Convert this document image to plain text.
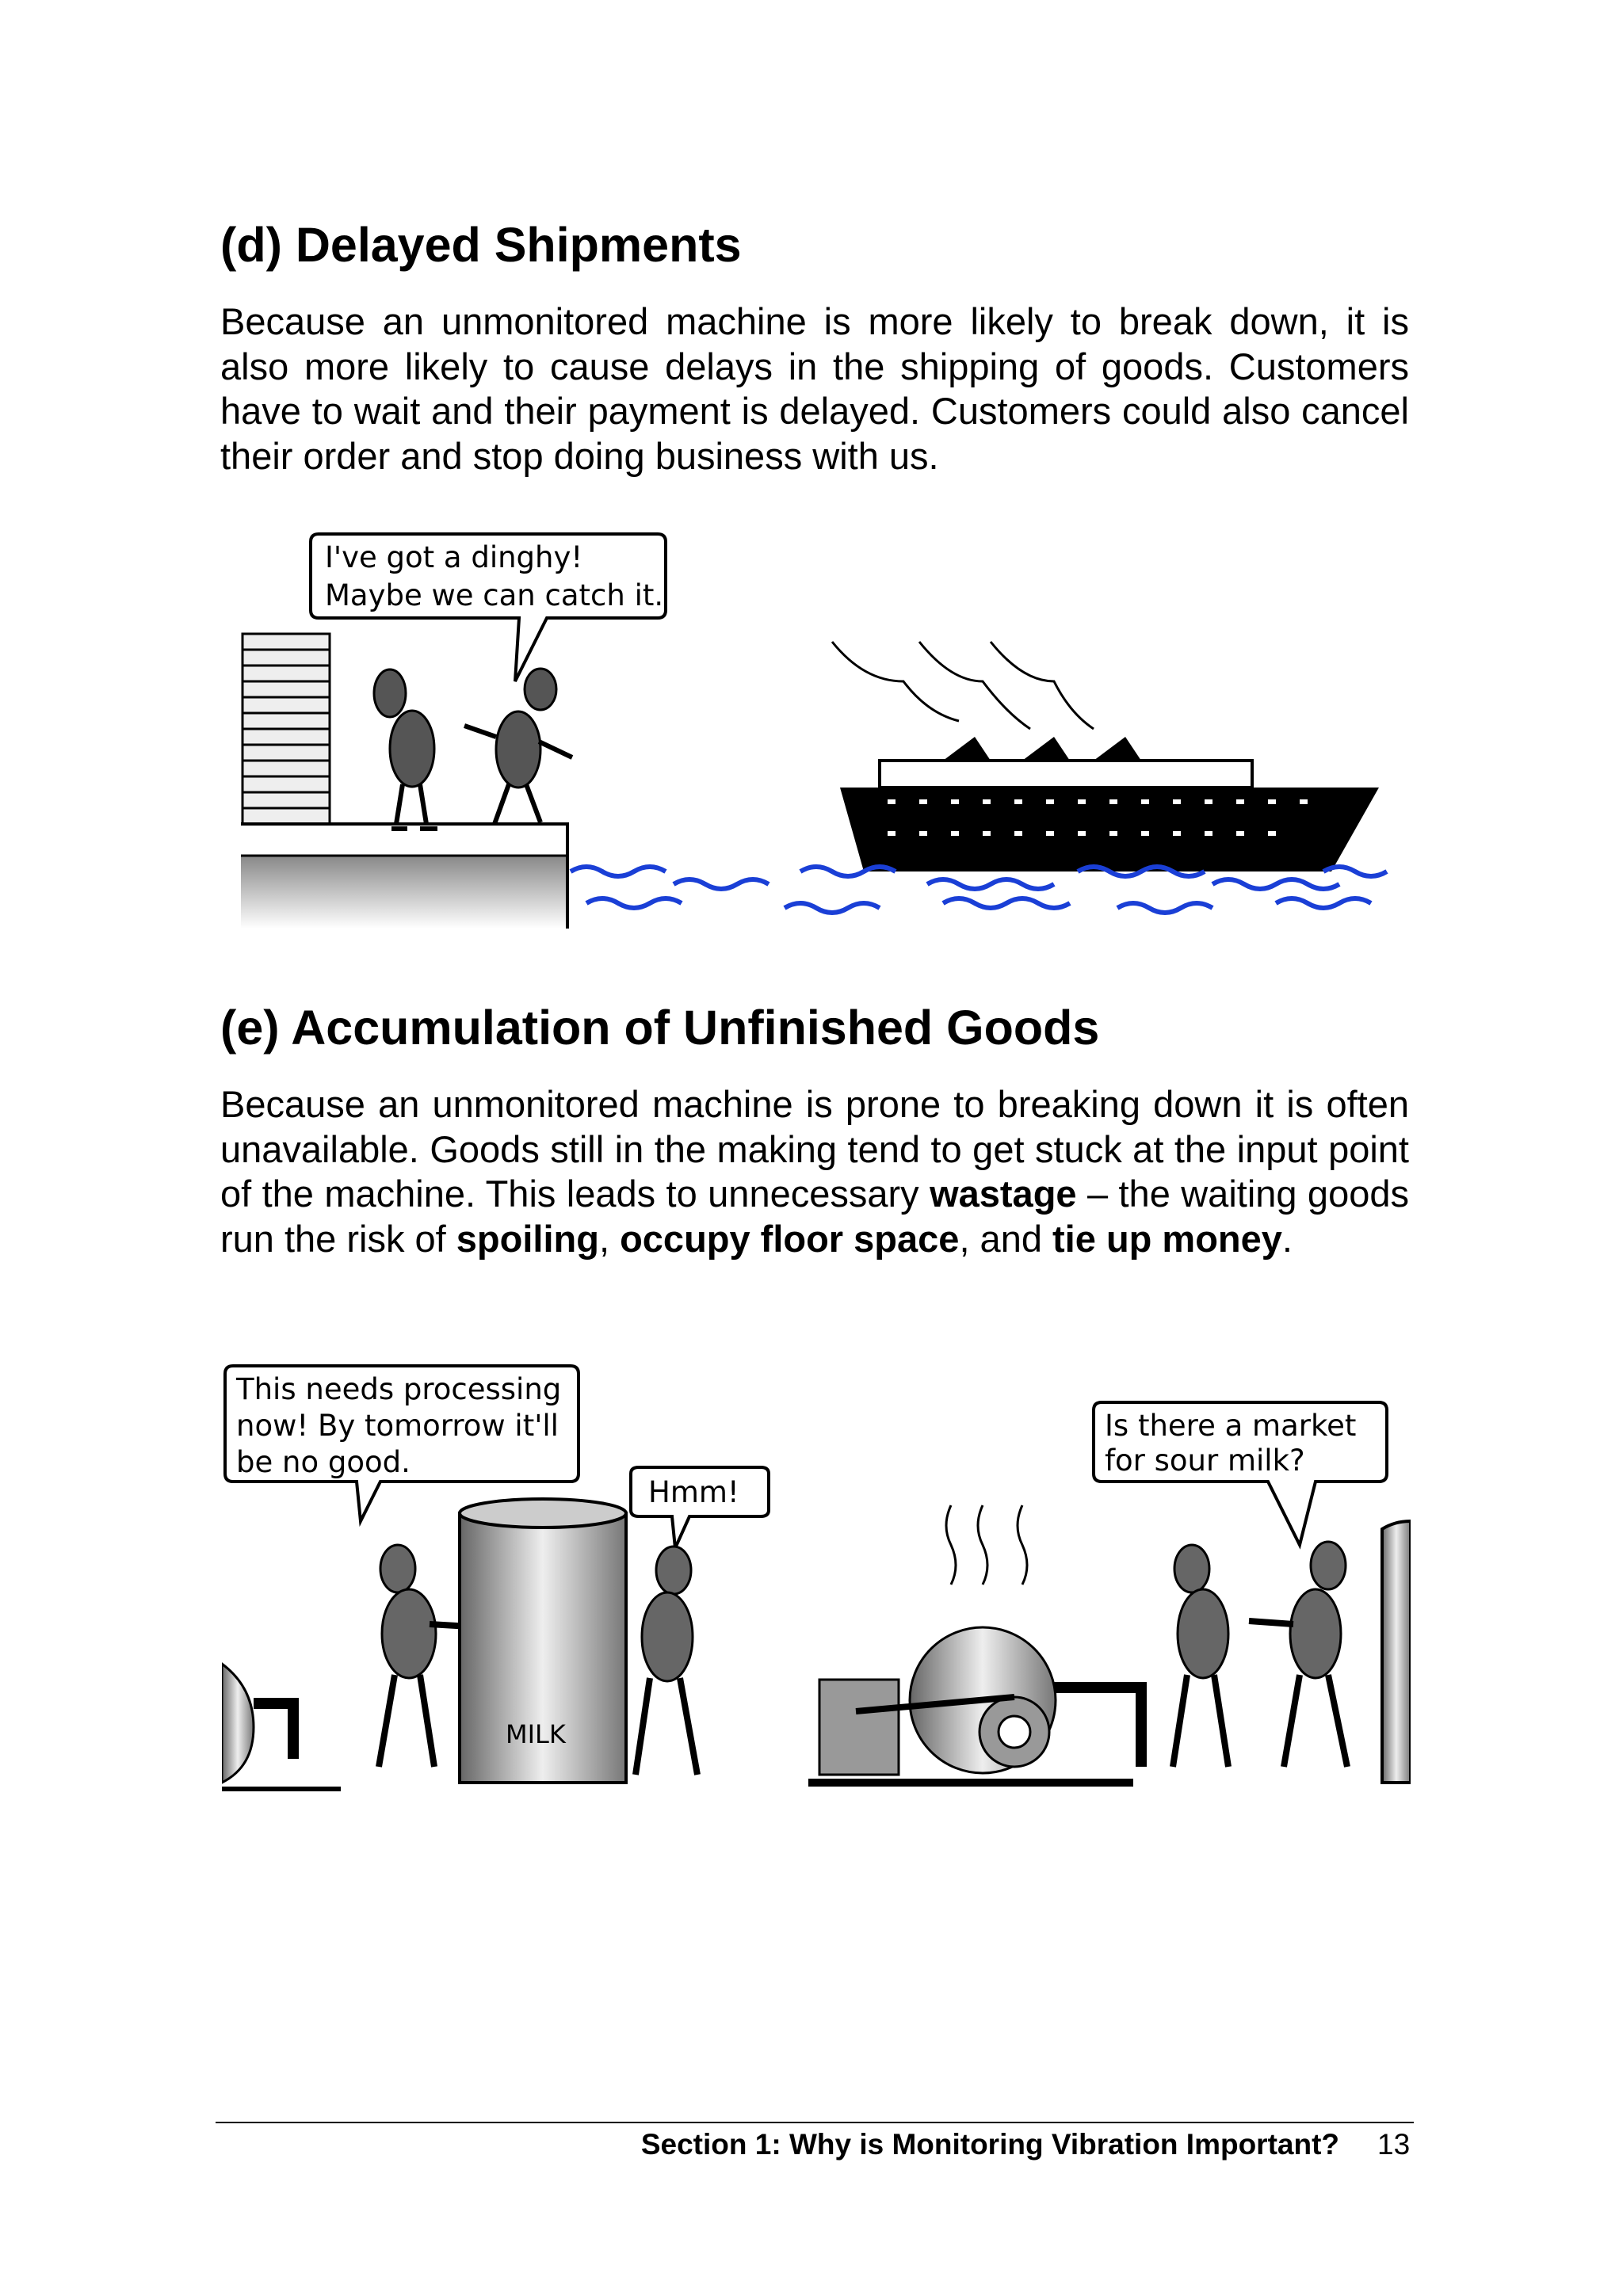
(d) Delayed Shipments

Because an unmonitored machine is more likely to break down, it is also more likely to cause delays in the shipping of goods. Customers have to wait and their payment is delayed. Customers could also cancel their order and stop doing business with us.

I've got a dinghy!
Maybe we can catch it.
(e) Accumulation of Unfinished Goods

Because an unmonitored machine is prone to breaking down it is often unavailable. Goods still in the making tend to get stuck at the input point of the machine. This leads to unnecessary wastage – the waiting goods run the risk of spoiling, occupy floor space, and tie up money.

This needs processing
now! By tomorrow it'll
be no good.
Hmm!
Is there a market
for sour milk?
MILK
Section 1: Why is Monitoring Vibration Important? 13
